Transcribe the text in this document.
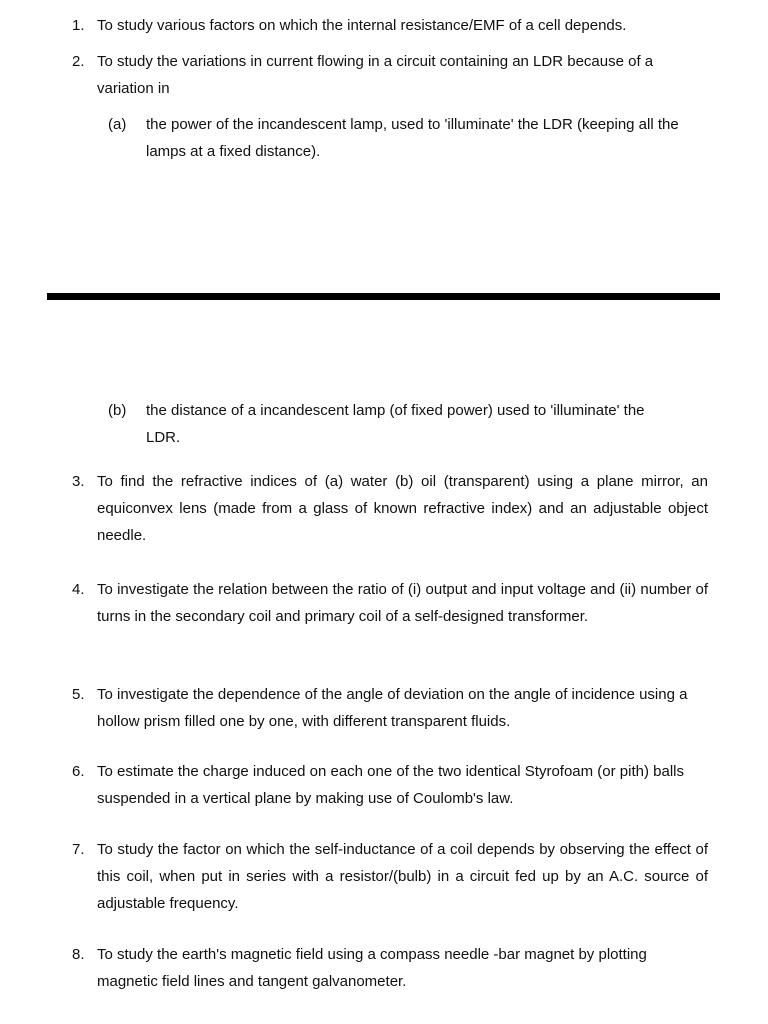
1. To study various factors on which the internal resistance/EMF of a cell depends.
2. To study the variations in current flowing in a circuit containing an LDR because of a variation in
(a) the power of the incandescent lamp, used to 'illuminate' the LDR (keeping all the lamps at a fixed distance).
(b) the distance of a incandescent lamp (of fixed power) used to 'illuminate' the LDR.
3. To find the refractive indices of (a) water (b) oil (transparent) using a plane mirror, an equiconvex lens (made from a glass of known refractive index) and an adjustable object needle.
4. To investigate the relation between the ratio of (i) output and input voltage and (ii) number of turns in the secondary coil and primary coil of a self-designed transformer.
5. To investigate the dependence of the angle of deviation on the angle of incidence using a hollow prism filled one by one, with different transparent fluids.
6. To estimate the charge induced on each one of the two identical Styrofoam (or pith) balls suspended in a vertical plane by making use of Coulomb's law.
7. To study the factor on which the self-inductance of a coil depends by observing the effect of this coil, when put in series with a resistor/(bulb) in a circuit fed up by an A.C. source of adjustable frequency.
8. To study the earth's magnetic field using a compass needle -bar magnet by plotting magnetic field lines and tangent galvanometer.
